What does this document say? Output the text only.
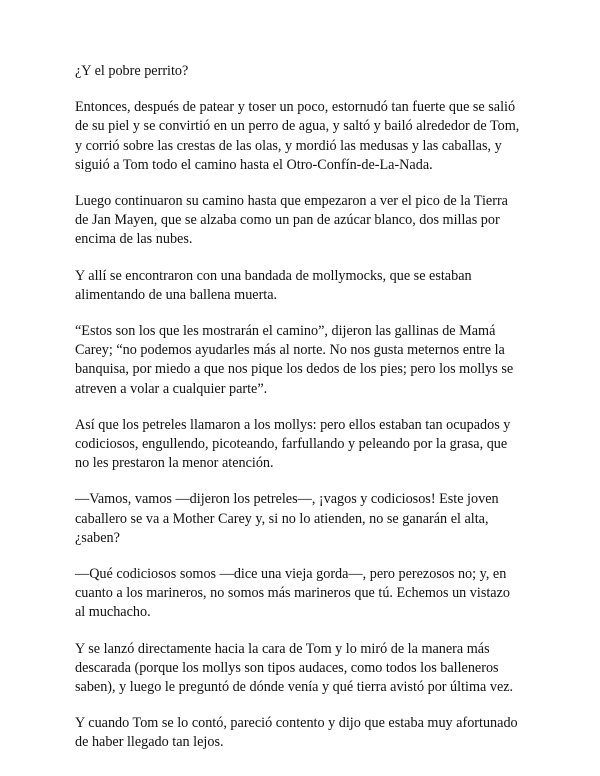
¿Y el pobre perrito?

Entonces, después de patear y toser un poco, estornudó tan fuerte que se salió de su piel y se convirtió en un perro de agua, y saltó y bailó alrededor de Tom, y corrió sobre las crestas de las olas, y mordió las medusas y las caballas, y siguió a Tom todo el camino hasta el Otro-Confín-de-La-Nada.

Luego continuaron su camino hasta que empezaron a ver el pico de la Tierra de Jan Mayen, que se alzaba como un pan de azúcar blanco, dos millas por encima de las nubes.

Y allí se encontraron con una bandada de mollymocks, que se estaban alimentando de una ballena muerta.

“Estos son los que les mostrarán el camino”, dijeron las gallinas de Mamá Carey; “no podemos ayudarles más al norte. No nos gusta meternos entre la banquisa, por miedo a que nos pique los dedos de los pies; pero los mollys se atreven a volar a cualquier parte”.

Así que los petreles llamaron a los mollys: pero ellos estaban tan ocupados y codiciosos, engullendo, picoteando, farfullando y peleando por la grasa, que no les prestaron la menor atención.

—Vamos, vamos —dijeron los petreles—, ¡vagos y codiciosos! Este joven caballero se va a Mother Carey y, si no lo atienden, no se ganarán el alta, ¿saben?

—Qué codiciosos somos —dice una vieja gorda—, pero perezosos no; y, en cuanto a los marineros, no somos más marineros que tú. Echemos un vistazo al muchacho.

Y se lanzó directamente hacia la cara de Tom y lo miró de la manera más descarada (porque los mollys son tipos audaces, como todos los balleneros saben), y luego le preguntó de dónde venía y qué tierra avistó por última vez.

Y cuando Tom se lo contó, pareció contento y dijo que estaba muy afortunado de haber llegado tan lejos.
